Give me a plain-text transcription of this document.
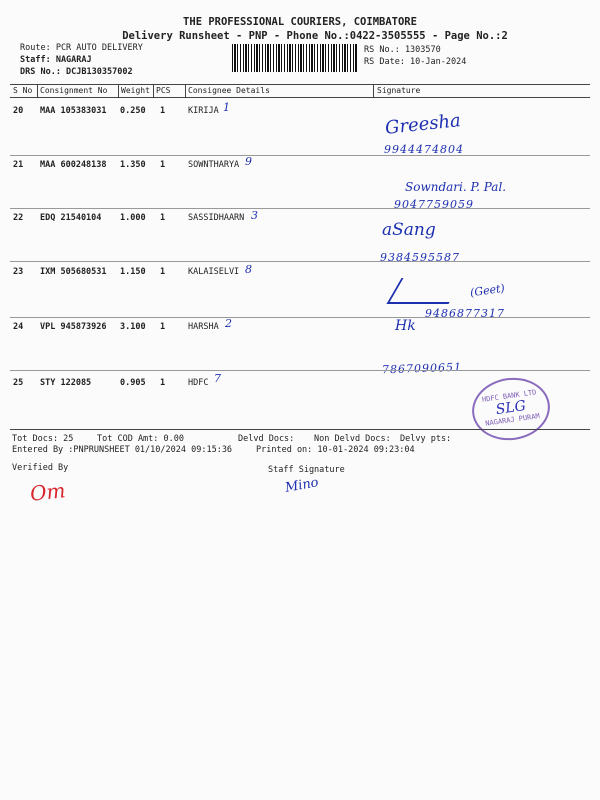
THE PROFESSIONAL COURIERS, COIMBATORE
Delivery Runsheet - PNP - Phone No.:0422-3505555 - Page No.:2
Route: PCR AUTO DELIVERY
Staff: NAGARAJ
DRS No.: DCJB130357002
RS No.: 1303570
RS Date: 10-Jan-2024
S No Consignment No Weight PCS Consignee Details	Signature
20 MAA 105383031 0.250 1	KIRIJA 1
Greesha
9944474804
21 MAA 600248138 1.350 1	SOWNTHARYA 9
Sowndari. P. Pal.
9047759059
22 EDQ 21540104 1.000 1	SASSIDHAARN 3
aSang
9384595587
23 IXM 505680531 1.150 1	KALAISELVI 8
(Geet)
9486877317
24 VPL 945873926 3.100 1	HARSHA 2	Hk
7867090651
25 STY 122085	0.905 1	HDFC 7
HDFC BANK LTD
SLG
NAGARAJ PURAM
Tot Docs: 25	Tot COD Amt: 0.00	Delvd Docs: Non Delvd Docs: Delvy pts:
Entered By :PNPRUNSHEET 01/10/2024 09:15:36	Printed on: 10-01-2024 09:23:04
Verified By	Staff Signature
Om	Mino
